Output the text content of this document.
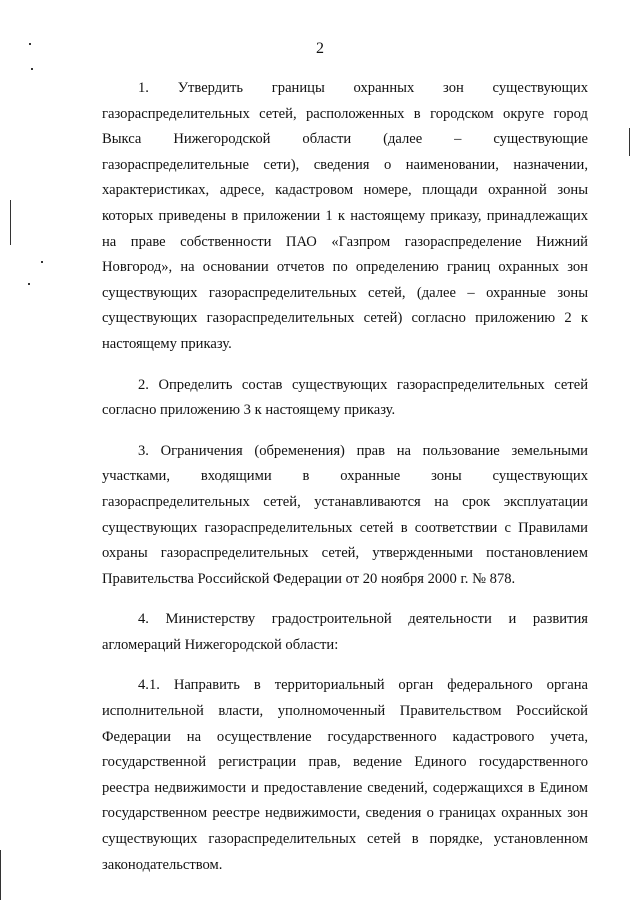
2

1. Утвердить границы охранных зон существующих газораспределительных сетей, расположенных в городском округе город Выкса Нижегородской области (далее – существующие газораспределительные сети), сведения о наименовании, назначении, характеристиках, адресе, кадастровом номере, площади охранной зоны которых приведены в приложении 1 к настоящему приказу, принадлежащих на праве собственности ПАО «Газпром газораспределение Нижний Новгород», на основании отчетов по определению границ охранных зон существующих газораспределительных сетей, (далее – охранные зоны существующих газораспределительных сетей) согласно приложению 2 к настоящему приказу.

2. Определить состав существующих газораспределительных сетей согласно приложению 3 к настоящему приказу.

3. Ограничения (обременения) прав на пользование земельными участками, входящими в охранные зоны существующих газораспределительных сетей, устанавливаются на срок эксплуатации существующих газораспределительных сетей в соответствии с Правилами охраны газораспределительных сетей, утвержденными постановлением Правительства Российской Федерации от 20 ноября 2000 г. № 878.

4. Министерству градостроительной деятельности и развития агломераций Нижегородской области:

4.1. Направить в территориальный орган федерального органа исполнительной власти, уполномоченный Правительством Российской Федерации на осуществление государственного кадастрового учета, государственной регистрации прав, ведение Единого государственного реестра недвижимости и предоставление сведений, содержащихся в Едином государственном реестре недвижимости, сведения о границах охранных зон существующих газораспределительных сетей в порядке, установленном законодательством.
